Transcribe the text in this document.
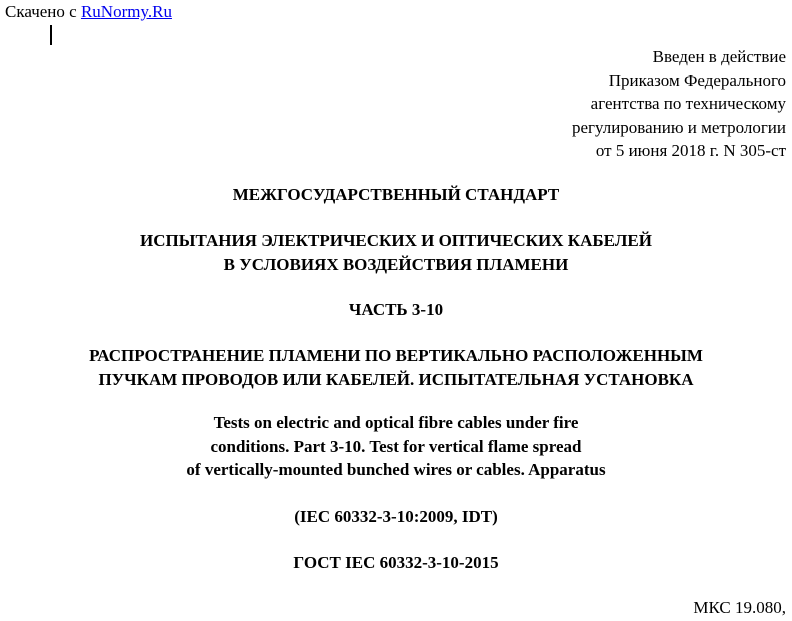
Скачено с RuNormy.Ru
Введен в действие
Приказом Федерального
агентства по техническому
регулированию и метрологии
от 5 июня 2018 г. N 305-ст
МЕЖГОСУДАРСТВЕННЫЙ СТАНДАРТ
ИСПЫТАНИЯ ЭЛЕКТРИЧЕСКИХ И ОПТИЧЕСКИХ КАБЕЛЕЙ
В УСЛОВИЯХ ВОЗДЕЙСТВИЯ ПЛАМЕНИ
ЧАСТЬ 3-10
РАСПРОСТРАНЕНИЕ ПЛАМЕНИ ПО ВЕРТИКАЛЬНО РАСПОЛОЖЕННЫМ
ПУЧКАМ ПРОВОДОВ ИЛИ КАБЕЛЕЙ. ИСПЫТАТЕЛЬНАЯ УСТАНОВКА
Tests on electric and optical fibre cables under fire
conditions. Part 3-10. Test for vertical flame spread
of vertically-mounted bunched wires or cables. Apparatus
(IEC 60332-3-10:2009, IDT)
ГОСТ IEC 60332-3-10-2015
МКС 19.080,
